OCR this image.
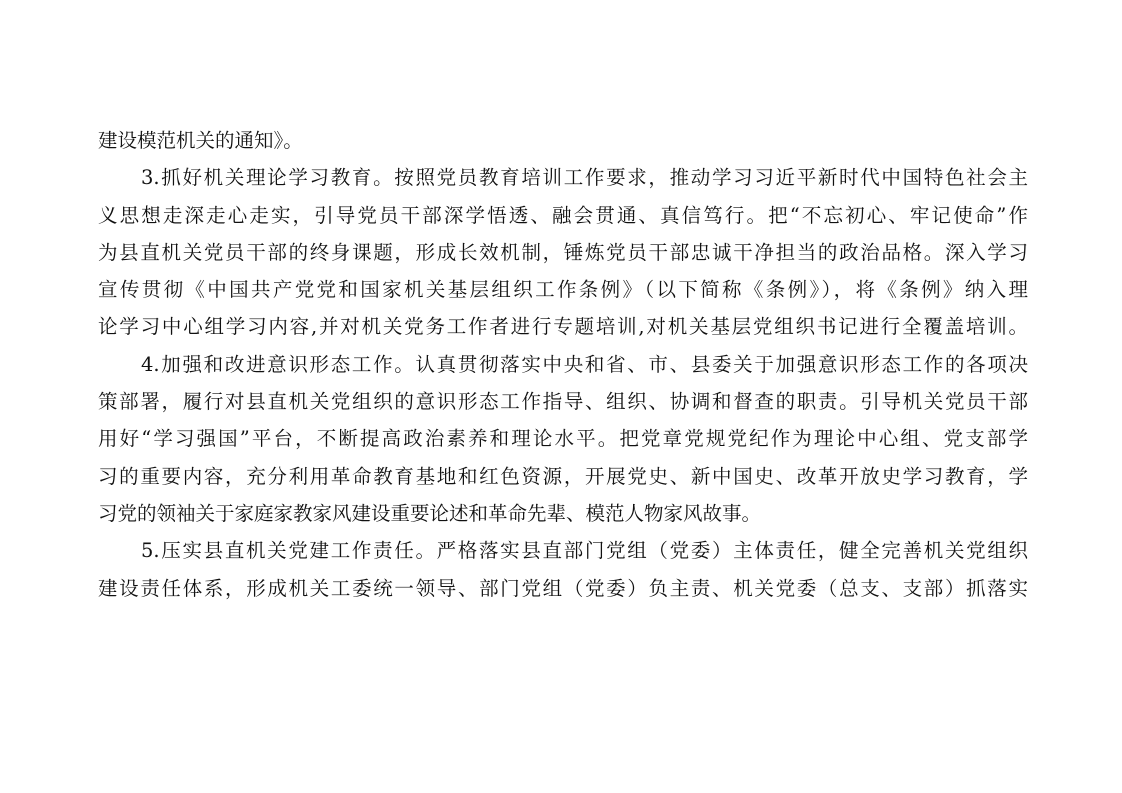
建设模范机关的通知》。
3.抓好机关理论学习教育。按照党员教育培训工作要求，推动学习习近平新时代中国特色社会主
义思想走深走心走实，引导党员干部深学悟透、融会贯通、真信笃行。把“不忘初心、牢记使命”作
为县直机关党员干部的终身课题，形成长效机制，锤炼党员干部忠诚干净担当的政治品格。深入学习
宣传贯彻《中国共产党党和国家机关基层组织工作条例》（以下简称《条例》），将《条例》纳入理
论学习中心组学习内容,并对机关党务工作者进行专题培训,对机关基层党组织书记进行全覆盖培训。
4.加强和改进意识形态工作。认真贯彻落实中央和省、市、县委关于加强意识形态工作的各项决
策部署，履行对县直机关党组织的意识形态工作指导、组织、协调和督查的职责。引导机关党员干部
用好“学习强国”平台，不断提高政治素养和理论水平。把党章党规党纪作为理论中心组、党支部学
习的重要内容，充分利用革命教育基地和红色资源，开展党史、新中国史、改革开放史学习教育，学
习党的领袖关于家庭家教家风建设重要论述和革命先辈、模范人物家风故事。
5.压实县直机关党建工作责任。严格落实县直部门党组（党委）主体责任，健全完善机关党组织
建设责任体系，形成机关工委统一领导、部门党组（党委）负主责、机关党委（总支、支部）抓落实
